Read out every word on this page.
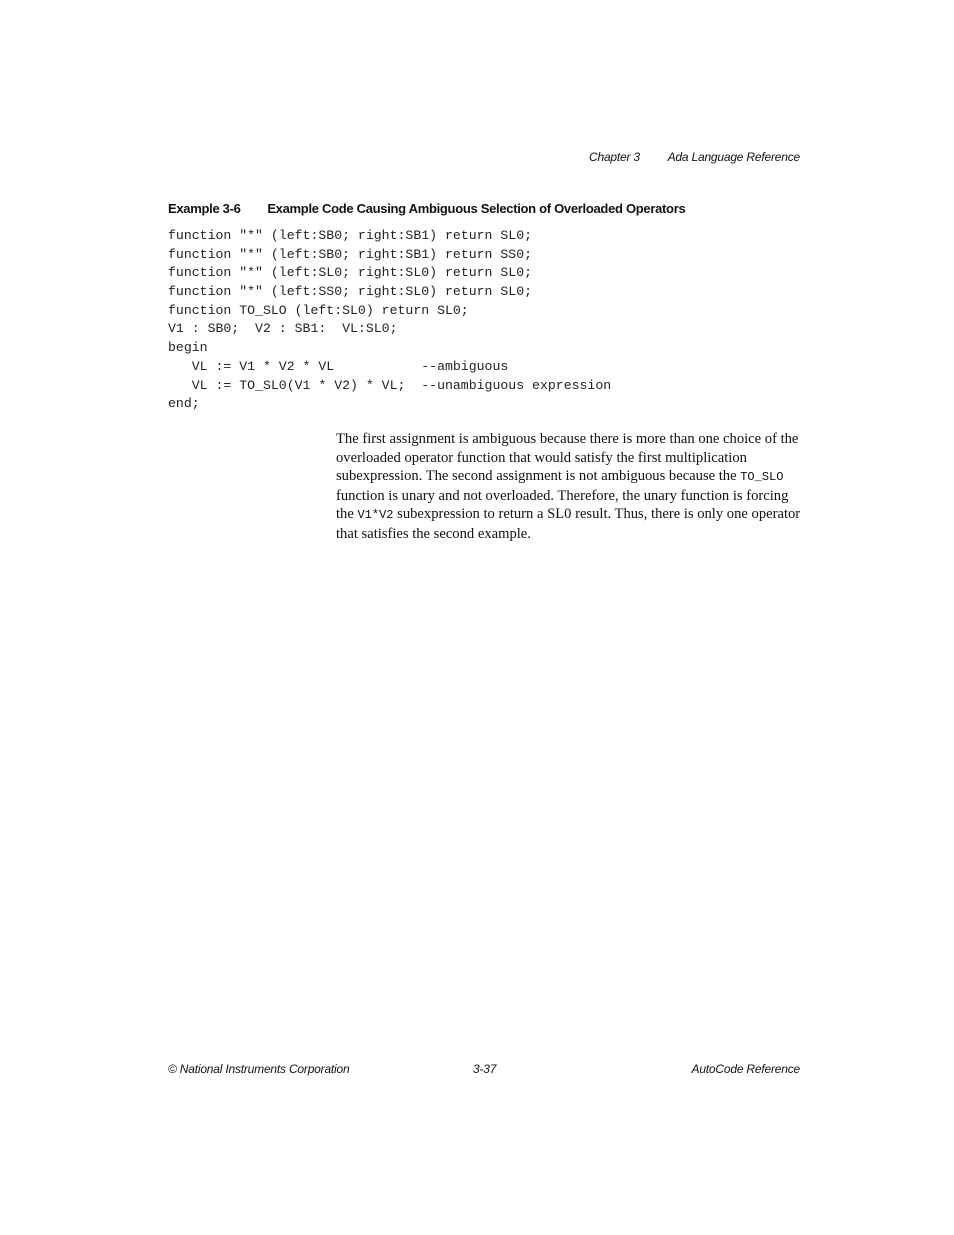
Chapter 3 Ada Language Reference
Example 3-6 Example Code Causing Ambiguous Selection of Overloaded Operators
function "*" (left:SB0; right:SB1) return SL0;
function "*" (left:SB0; right:SB1) return SS0;
function "*" (left:SL0; right:SL0) return SL0;
function "*" (left:SS0; right:SL0) return SL0;
function TO_SLO (left:SL0) return SL0;
V1 : SB0;  V2 : SB1:  VL:SL0;
begin
VL := V1 * V2 * VL           --ambiguous
VL := TO_SL0(V1 * V2) * VL;  --unambiguous expression
end;

The first assignment is ambiguous because there is more than one choice of the overloaded operator function that would satisfy the first multiplication subexpression. The second assignment is not ambiguous because the TO_SLO function is unary and not overloaded. Therefore, the unary function is forcing the V1*V2 subexpression to return a SL0 result. Thus, there is only one operator that satisfies the second example.

© National Instruments Corporation	3-37	AutoCode Reference
